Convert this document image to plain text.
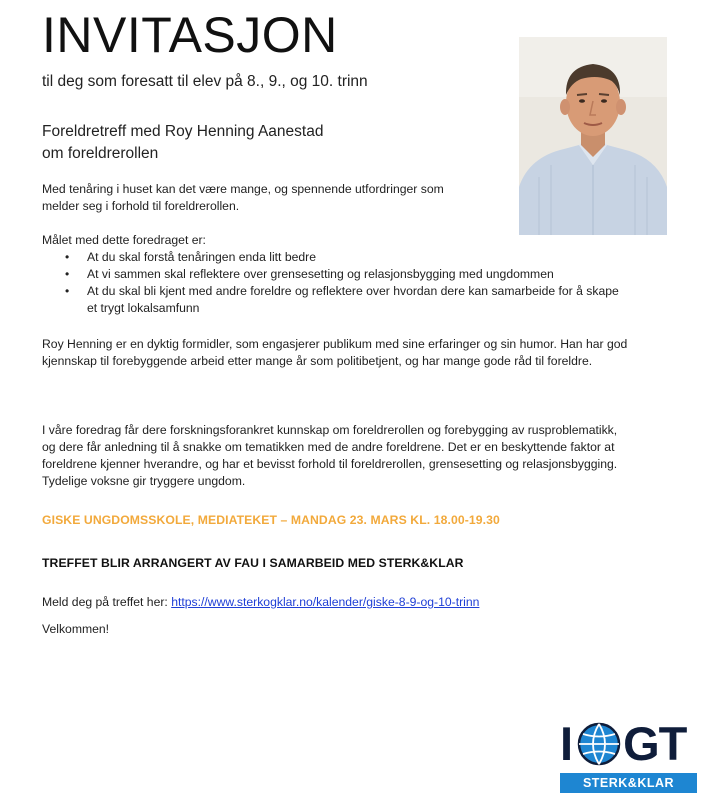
INVITASJON
til deg som foresatt til elev på 8., 9., og 10. trinn
Foreldretreff med Roy Henning Aanestad
om foreldrerollen
Med tenåring i huset kan det være mange, og spennende utfordringer som melder seg i forhold til foreldrerollen.
Målet med dette foredraget er:
• At du skal forstå tenåringen enda litt bedre
• At vi sammen skal reflektere over grensesetting og relasjonsbygging med ungdommen
• At du skal bli kjent med andre foreldre og reflektere over hvordan dere kan samarbeide for å skape et trygt lokalsamfunn
Roy Henning er en dyktig formidler, som engasjerer publikum med sine erfaringer og sin humor. Han har god kjennskap til forebyggende arbeid etter mange år som politibetjent, og har mange gode råd til foreldre.
I våre foredrag får dere forskningsforankret kunnskap om foreldrerollen og forebygging av rusproblematikk, og dere får anledning til å snakke om tematikken med de andre foreldrene. Det er en beskyttende faktor at foreldrene kjenner hverandre, og har et bevisst forhold til foreldrerollen, grensesetting og relasjonsbygging. Tydelige voksne gir tryggere ungdom.
GISKE UNGDOMSSKOLE, MEDIATEKET – MANDAG 23. MARS KL. 18.00-19.30
TREFFET BLIR ARRANGERT AV FAU I SAMARBEID MED STERK&KLAR
Meld deg på treffet her: https://www.sterkogklar.no/kalender/giske-8-9-og-10-trinn
Velkommen!
I GT
STERK&KLAR
